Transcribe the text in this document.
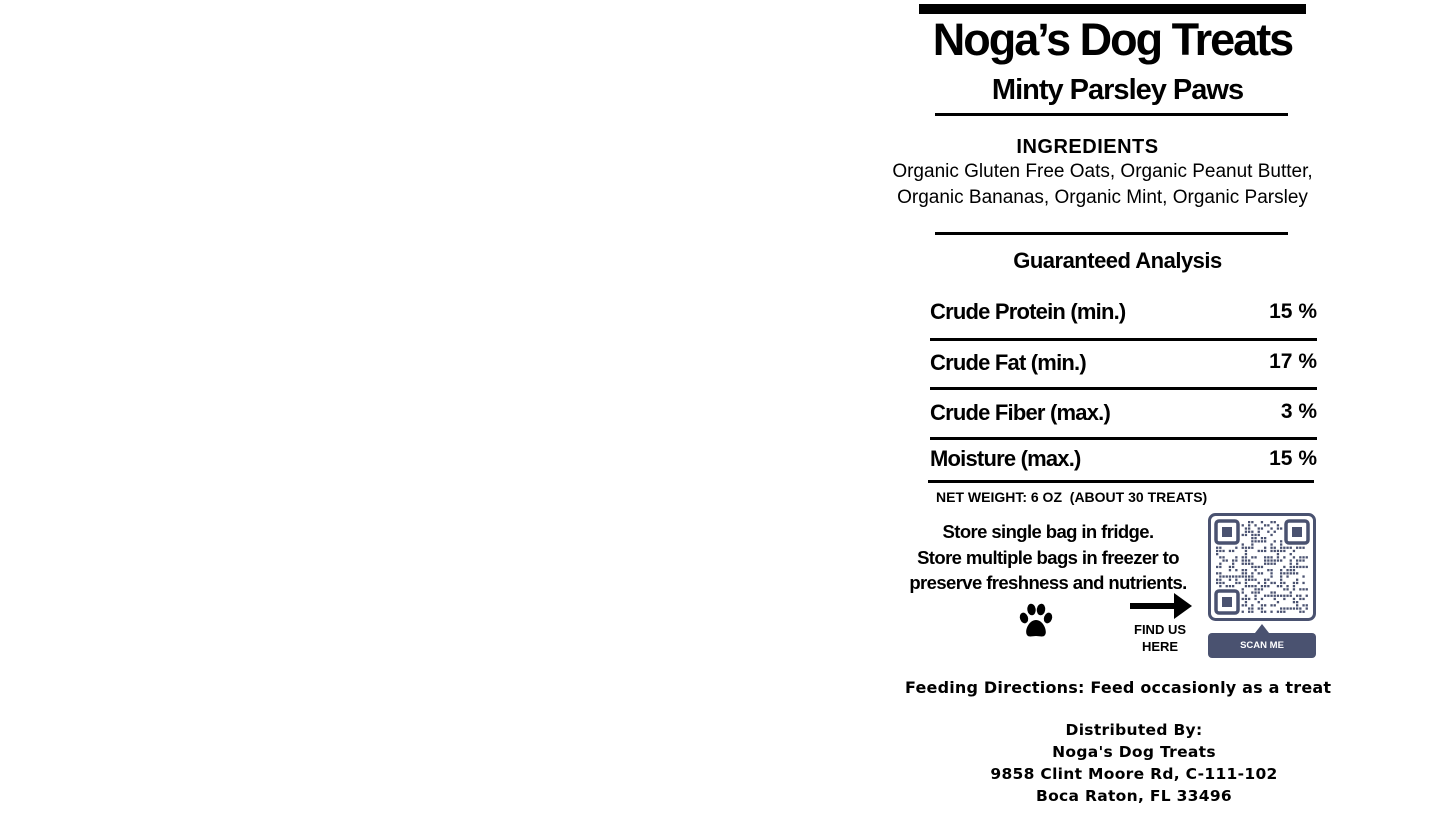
Noga’s Dog Treats
Minty Parsley Paws
INGREDIENTS
Organic Gluten Free Oats, Organic Peanut Butter,
Organic Bananas, Organic Mint, Organic Parsley
Guaranteed Analysis
Crude Protein (min.)	15 %
Crude Fat (min.)	17 %
Crude Fiber (max.)	3 %
Moisture (max.)	15 %
NET WEIGHT: 6 OZ  (ABOUT 30 TREATS)
Store single bag in fridge.
Store multiple bags in freezer to
preserve freshness and nutrients.
FIND US
HERE	SCAN ME
Feeding Directions: Feed occasionly as a treat
Distributed By:
Noga's Dog Treats
9858 Clint Moore Rd, C-111-102
Boca Raton, FL 33496
